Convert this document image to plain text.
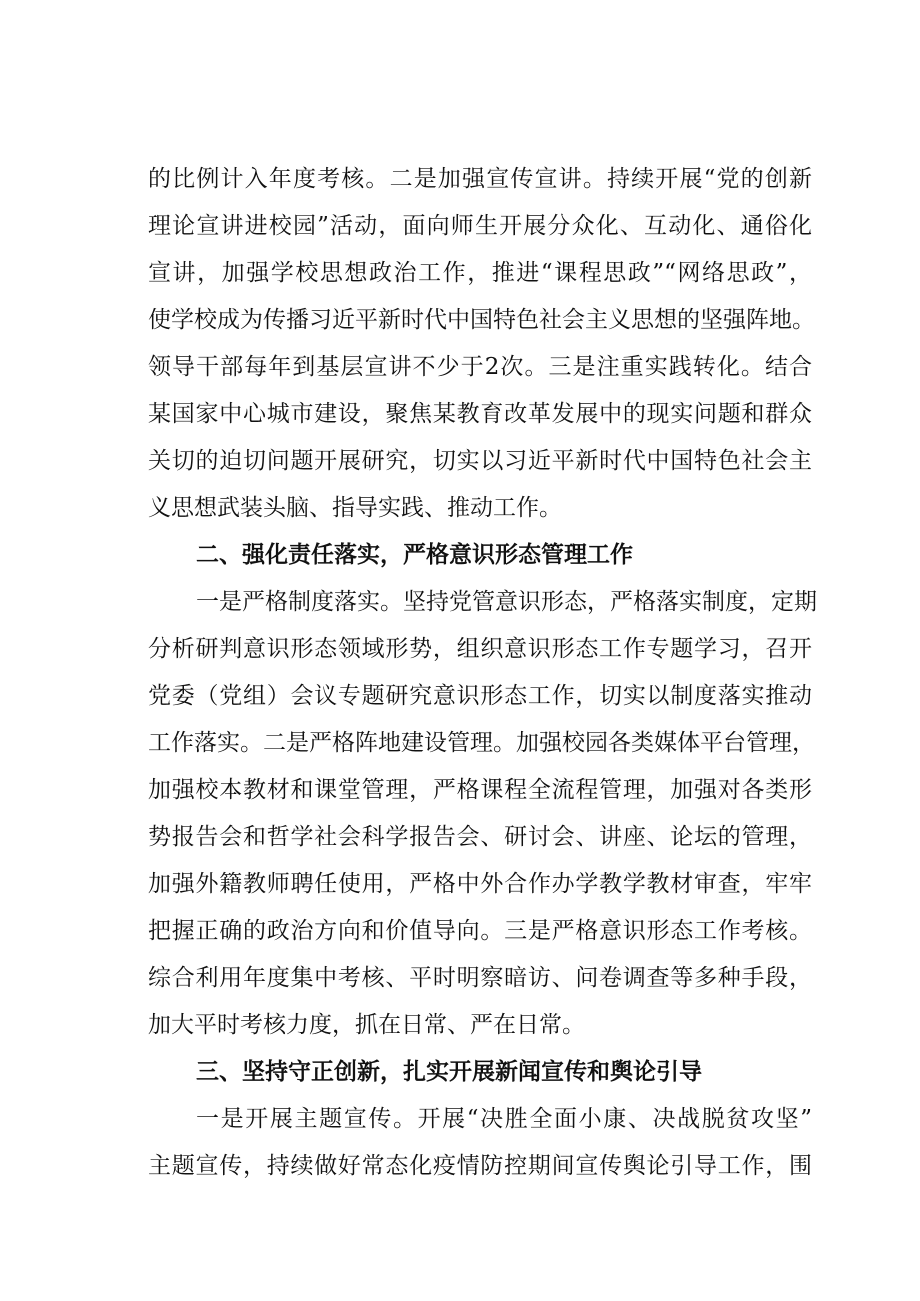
的比例计入年度考核。二是加强宣传宣讲。持续开展“党的创新
理论宣讲进校园”活动，面向师生开展分众化、互动化、通俗化
宣讲，加强学校思想政治工作，推进“课程思政”“网络思政”，
使学校成为传播习近平新时代中国特色社会主义思想的坚强阵地。
领导干部每年到基层宣讲不少于2次。三是注重实践转化。结合
某国家中心城市建设，聚焦某教育改革发展中的现实问题和群众
关切的迫切问题开展研究，切实以习近平新时代中国特色社会主
义思想武装头脑、指导实践、推动工作。
二、强化责任落实，严格意识形态管理工作
一是严格制度落实。坚持党管意识形态，严格落实制度，定期
分析研判意识形态领域形势，组织意识形态工作专题学习，召开
党委（党组）会议专题研究意识形态工作，切实以制度落实推动
工作落实。二是严格阵地建设管理。加强校园各类媒体平台管理，
加强校本教材和课堂管理，严格课程全流程管理，加强对各类形
势报告会和哲学社会科学报告会、研讨会、讲座、论坛的管理，
加强外籍教师聘任使用，严格中外合作办学教学教材审查，牢牢
把握正确的政治方向和价值导向。三是严格意识形态工作考核。
综合利用年度集中考核、平时明察暗访、问卷调查等多种手段，
加大平时考核力度，抓在日常、严在日常。
三、坚持守正创新，扎实开展新闻宣传和舆论引导
一是开展主题宣传。开展“决胜全面小康、决战脱贫攻坚”
主题宣传，持续做好常态化疫情防控期间宣传舆论引导工作，围
